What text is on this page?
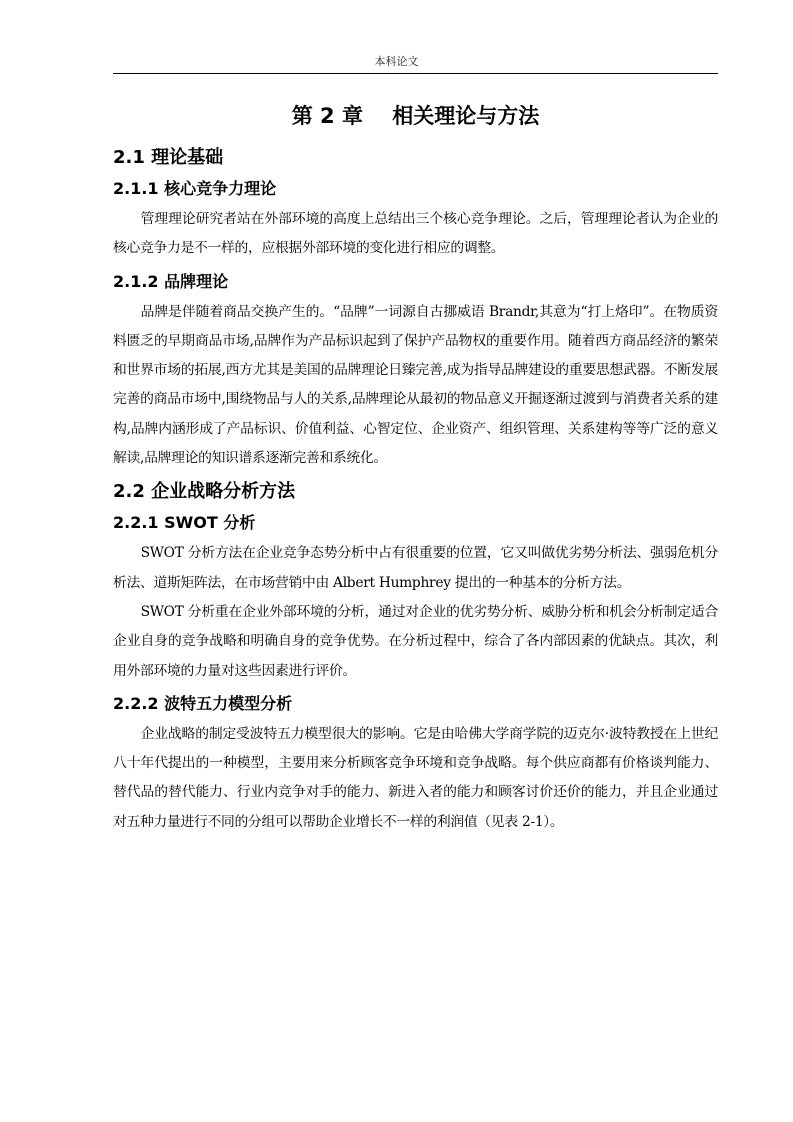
本科论文
第 2 章    相关理论与方法
2.1 理论基础
2.1.1 核心竞争力理论

管理理论研究者站在外部环境的高度上总结出三个核心竞争理论。之后，管理理论者认为企业的核心竞争力是不一样的，应根据外部环境的变化进行相应的调整。

2.1.2 品牌理论

品牌是伴随着商品交换产生的。“品牌”一词源自古挪威语 Brandr,其意为“打上烙印”。在物质资料匮乏的早期商品市场,品牌作为产品标识起到了保护产品物权的重要作用。随着西方商品经济的繁荣和世界市场的拓展,西方尤其是美国的品牌理论日臻完善,成为指导品牌建设的重要思想武器。不断发展完善的商品市场中,围绕物品与人的关系,品牌理论从最初的物品意义开掘逐渐过渡到与消费者关系的建构,品牌内涵形成了产品标识、价值利益、心智定位、企业资产、组织管理、关系建构等等广泛的意义解读,品牌理论的知识谱系逐渐完善和系统化。

2.2 企业战略分析方法
2.2.1 SWOT 分析

SWOT 分析方法在企业竞争态势分析中占有很重要的位置，它又叫做优劣势分析法、强弱危机分析法、道斯矩阵法，在市场营销中由 Albert Humphrey 提出的一种基本的分析方法。

SWOT 分析重在企业外部环境的分析，通过对企业的优劣势分析、威胁分析和机会分析制定适合企业自身的竞争战略和明确自身的竞争优势。在分析过程中，综合了各内部因素的优缺点。其次，利用外部环境的力量对这些因素进行评价。

2.2.2 波特五力模型分析

企业战略的制定受波特五力模型很大的影响。它是由哈佛大学商学院的迈克尔·波特教授在上世纪八十年代提出的一种模型，主要用来分析顾客竞争环境和竞争战略。每个供应商都有价格谈判能力、替代品的替代能力、行业内竞争对手的能力、新进入者的能力和顾客讨价还价的能力，并且企业通过对五种力量进行不同的分组可以帮助企业增长不一样的利润值（见表 2-1）。
